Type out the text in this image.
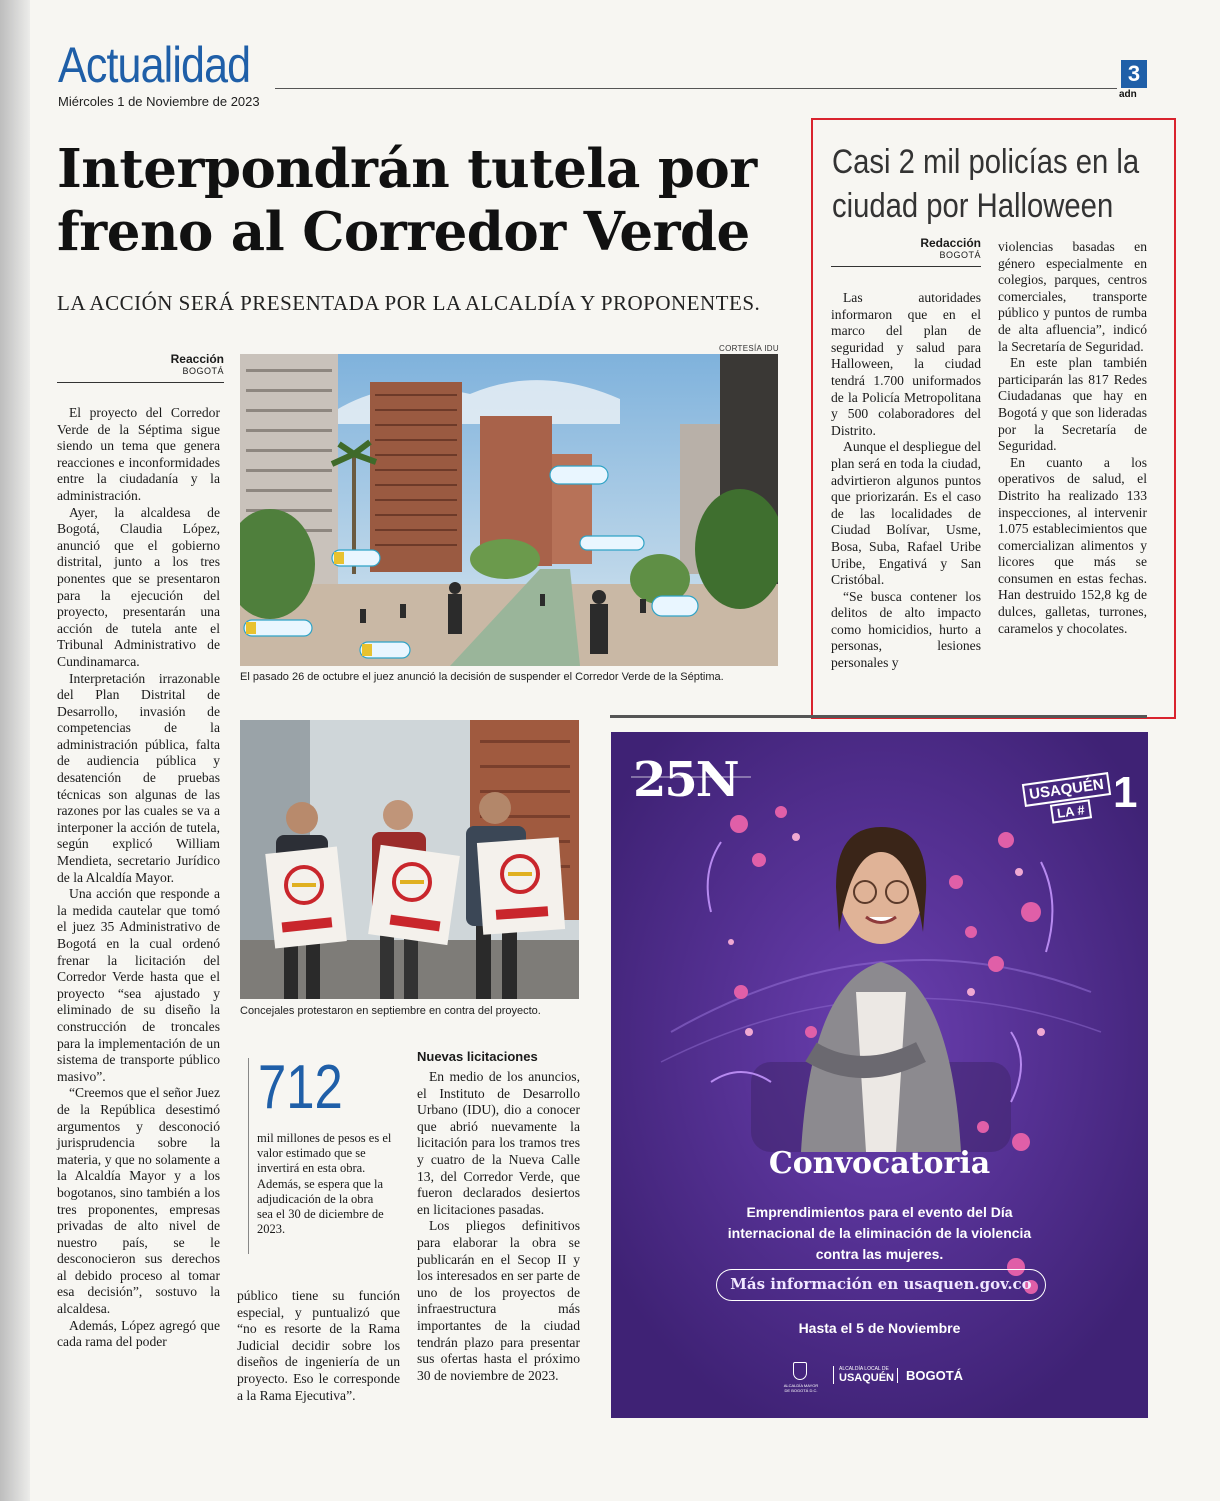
Actualidad
Miércoles 1 de Noviembre de 2023
3
adn
Interpondrán tutela por freno al Corredor Verde
LA ACCIÓN SERÁ PRESENTADA POR LA ALCALDÍA Y PROPONENTES.
Reacción
BOGOTÁ

El proyecto del Corredor Verde de la Séptima sigue siendo un tema que genera reacciones e inconformidades entre la ciudadanía y la administración.

Ayer, la alcaldesa de Bogotá, Claudia López, anunció que el gobierno distrital, junto a los tres ponentes que se presentaron para la ejecución del proyecto, presentarán una acción de tutela ante el Tribunal Administrativo de Cundinamarca.

Interpretación irrazonable del Plan Distrital de Desarrollo, invasión de competencias de la administración pública, falta de audiencia pública y desatención de pruebas técnicas son algunas de las razones por las cuales se va a interponer la acción de tutela, según explicó William Mendieta, secretario Jurídico de la Alcaldía Mayor.

Una acción que responde a la medida cautelar que tomó el juez 35 Administrativo de Bogotá en la cual ordenó frenar la licitación del Corredor Verde hasta que el proyecto “sea ajustado y eliminado de su diseño la construcción de troncales para la implementación de un sistema de transporte público masivo”.

“Creemos que el señor Juez de la República desestimó argumentos y desconoció jurisprudencia sobre la materia, y que no solamente a la Alcaldía Mayor y a los bogotanos, sino también a los tres proponentes, empresas privadas de alto nivel de nuestro país, se le desconocieron sus derechos al debido proceso al tomar esa decisión”, sostuvo la alcaldesa.

Además, López agregó que cada rama del poder

CORTESÍA IDU
El pasado 26 de octubre el juez anunció la decisión de suspender el Corredor Verde de la Séptima.
Concejales protestaron en septiembre en contra del proyecto.
712
mil millones de pesos es el valor estimado que se invertirá en esta obra. Además, se espera que la adjudicación de la obra sea el 30 de diciembre de 2023.

público tiene su función especial, y puntualizó que “no es resorte de la Rama Judicial decidir sobre los diseños de ingeniería de un proyecto. Eso le corresponde a la Rama Ejecutiva”.

Nuevas licitaciones

En medio de los anuncios, el Instituto de Desarrollo Urbano (IDU), dio a conocer que abrió nuevamente la licitación para los tramos tres y cuatro de la Nueva Calle 13, del Corredor Verde, que fueron declarados desiertos en licitaciones pasadas.

Los pliegos definitivos para elaborar la obra se publicarán en el Secop II y los interesados en ser parte de uno de los proyectos de infraestructura más importantes de la ciudad tendrán plazo para presentar sus ofertas hasta el próximo 30 de noviembre de 2023.

Casi 2 mil policías en la ciudad por Halloween
Redacción
BOGOTÁ

Las autoridades informaron que en el marco del plan de seguridad y salud para Halloween, la ciudad tendrá 1.700 uniformados de la Policía Metropolitana y 500 colaboradores del Distrito.

Aunque el despliegue del plan será en toda la ciudad, advirtieron algunos puntos que priorizarán. Es el caso de las localidades de Ciudad Bolívar, Usme, Bosa, Suba, Rafael Uribe Uribe, Engativá y San Cristóbal.

“Se busca contener los delitos de alto impacto como homicidios, hurto a personas, lesiones personales y

violencias basadas en género especialmente en colegios, parques, centros comerciales, transporte público y puntos de rumba de alta afluencia”, indicó la Secretaría de Seguridad.

En este plan también participarán las 817 Redes Ciudadanas que hay en Bogotá y que son lideradas por la Secretaría de Seguridad.

En cuanto a los operativos de salud, el Distrito ha realizado 133 inspecciones, al intervenir 1.075 establecimientos que comercializan alimentos y licores que más se consumen en estas fechas. Han destruido 152,8 kg de dulces, galletas, turrones, caramelos y chocolates.

25N	USAQUÉN
LA # 1
Convocatoria
Emprendimientos para el evento del Día internacional de la eliminación de la violencia contra las mujeres.
Más información en usaquen.gov.co
Hasta el 5 de Noviembre
ALCALDÍA MAYOR DE BOGOTÁ D.C.
ALCALDÍA LOCAL DE
USAQUÉN BOGOTÁ
